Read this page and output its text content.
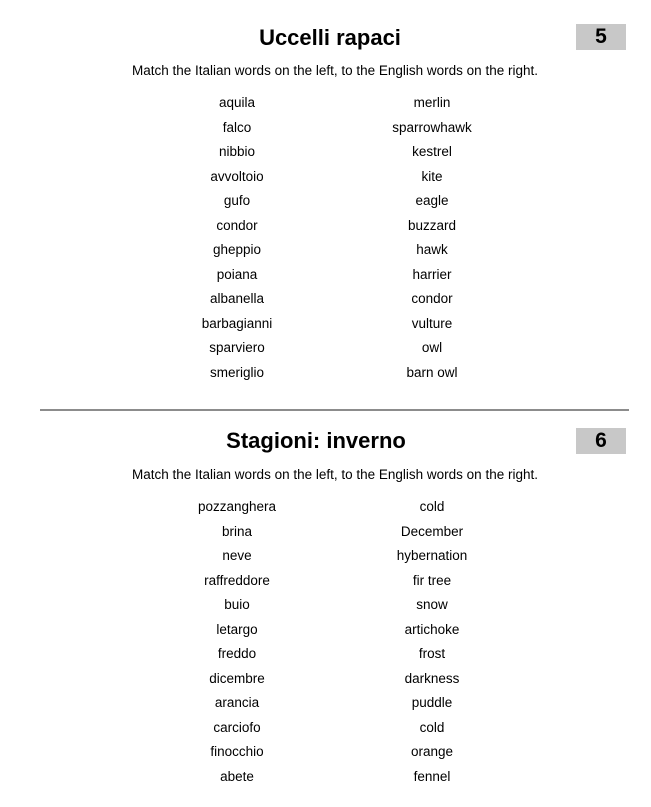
Uccelli rapaci	5
Match the Italian words on the left, to the English words on the right.
aquila
falco
nibbio
avvoltoio
gufo
condor
gheppio
poiana
albanella
barbagianni
sparviero
smeriglio
merlin
sparrowhawk
kestrel
kite
eagle
buzzard
hawk
harrier
condor
vulture
owl
barn owl
Stagioni: inverno	6
Match the Italian words on the left, to the English words on the right.
pozzanghera
brina
neve
raffreddore
buio
letargo
freddo
dicembre
arancia
carciofo
finocchio
abete
cold
December
hybernation
fir tree
snow
artichoke
frost
darkness
puddle
cold
orange
fennel
